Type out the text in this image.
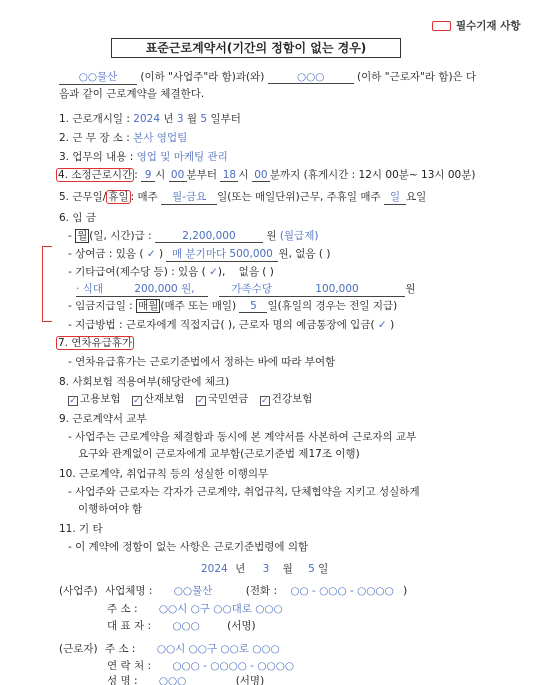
필수기재 사항
표준근로계약서(기간의 정함이 없는 경우)
○○물산 (이하 "사업주"라 함)과(와)	○○○	(이하 "근로자"라 함)은 다
음과 같이 근로계약을 체결한다.
1. 근로개시일 : 2024 년 3 월 5 일부터
2. 근 무 장 소 : 본사 영업팀
3. 업무의 내용 : 영업 및 마케팅 관리
4. 소정근로시간 : 9 시 00 분부터 18 시 00 분까지 (휴게시간 : 12시 00분~ 13시 00분)
5. 근무일/ 휴일 : 매주 월-금요 일(또는 매일단위)근무, 주휴일 매주 일 요일
6. 임 금
- 월 (일, 시간)급 :	2,200,000	원 (월급제)
- 상여금 : 있음 ( ✓ ) 매 분기마다 500,000 원, 없음 ( )
- 기타급여(제수당 등) : 있음 ( ✓), 없음 ( )
· 식대	200,000 원,	가족수당	100,000	원
- 임금지급일 : 매월 (매주 또는 매일) 5 일(휴일의 경우는 전일 지급)
- 지급방법 : 근로자에게 직접지급( ), 근로자 명의 예금통장에 입금( ✓ )
7. 연차유급휴가
- 연차유급휴가는 근로기준법에서 정하는 바에 따라 부여함
8. 사회보험 적용여부(해당란에 체크)
✓ 고용보험 ✓ 산재보험 ✓ 국민연금 ✓ 건강보험
9. 근로계약서 교부
- 사업주는 근로계약을 체결함과 동시에 본 계약서를 사본하여 근로자의 교부
요구와 관계없이 근로자에게 교부함(근로기준법 제17조 이행)
10. 근로계약, 취업규칙 등의 성실한 이행의무
- 사업주와 근로자는 각자가 근로계약, 취업규칙, 단체협약을 지키고 성실하게
이행하여야 함
11. 기 타
- 이 계약에 정함이 없는 사항은 근로기준법령에 의함
2024 년 3 월 5 일
(사업주) 사업체명 : ○○물산	(전화 : ○○ - ○○○ - ○○○○ )
주 소 : ○○시 ○구 ○○대로 ○○○
대 표 자 : ○○○	(서명)
(근로자) 주 소 : ○○시 ○○구 ○○로 ○○○
연 락 처 : ○○○ - ○○○○ - ○○○○
성 명 : ○○○	(서명)
